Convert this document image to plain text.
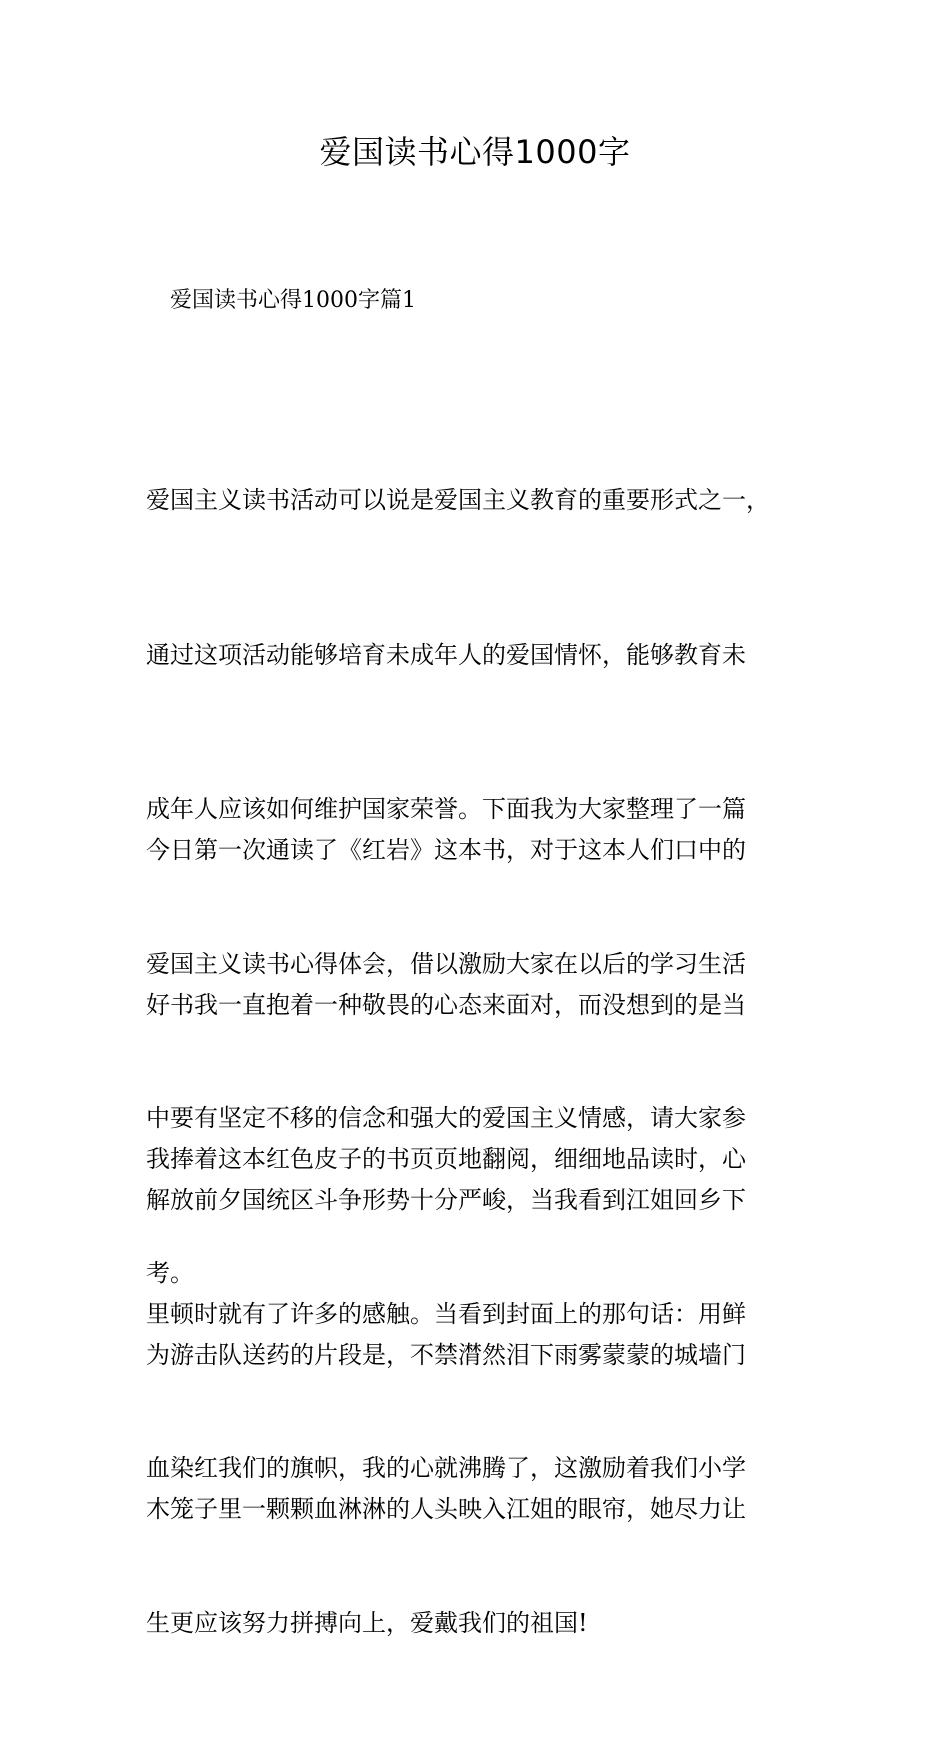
爱国读书心得1000字
爱国读书心得1000字篇1

爱国主义读书活动可以说是爱国主义教育的重要形式之一，

通过这项活动能够培育未成年人的爱国情怀，能够教育未

成年人应该如何维护国家荣誉。下面我为大家整理了一篇

爱国主义读书心得体会，借以激励大家在以后的学习生活

中要有坚定不移的信念和强大的爱国主义情感，请大家参

考。

今日第一次通读了《红岩》这本书，对于这本人们口中的

好书我一直抱着一种敬畏的心态来面对，而没想到的是当

我捧着这本红色皮子的书页页地翻阅，细细地品读时，心

里顿时就有了许多的感触。当看到封面上的那句话：用鲜

血染红我们的旗帜，我的心就沸腾了，这激励着我们小学

生更应该努力拼搏向上，爱戴我们的祖国!

解放前夕国统区斗争形势十分严峻，当我看到江姐回乡下

为游击队送药的片段是，不禁潸然泪下雨雾蒙蒙的城墙门

木笼子里一颗颗血淋淋的人头映入江姐的眼帘，她尽力让
